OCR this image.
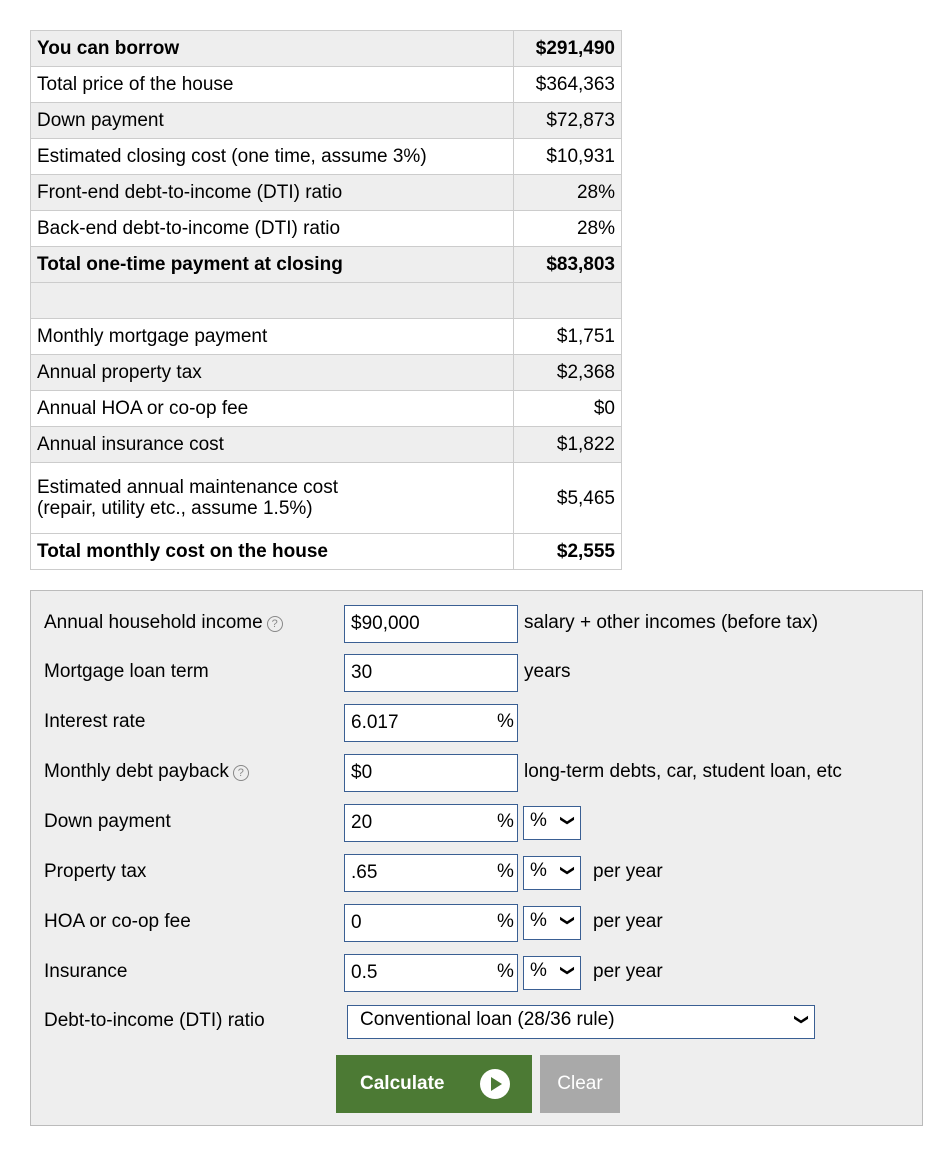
You can borrow	$291,490
Total price of the house	$364,363
Down payment	$72,873
Estimated closing cost (one time, assume 3%)	$10,931
Front-end debt-to-income (DTI) ratio	28%
Back-end debt-to-income (DTI) ratio	28%
Total one-time payment at closing	$83,803

Monthly mortgage payment	$1,751
Annual property tax	$2,368
Annual HOA or co-op fee	$0
Annual insurance cost	$1,822

Estimated annual maintenance cost
(repair, utility etc., assume 1.5%)	$5,465
Total monthly cost on the house	$2,555
Annual household income ?
$90,000	salary + other incomes (before tax)
Mortgage loan term
30	years
Interest rate
6.017	%
Monthly debt payback ?
$0	long-term debts, car, student loan, etc
Down payment
20	% % ❯
Property tax
.65	% % ❯ per year
HOA or co-op fee
0	% % ❯ per year
Insurance
0.5	% % ❯ per year
Debt-to-income (DTI) ratio	Conventional loan (28/36 rule)	❯
Calculate	Clear
